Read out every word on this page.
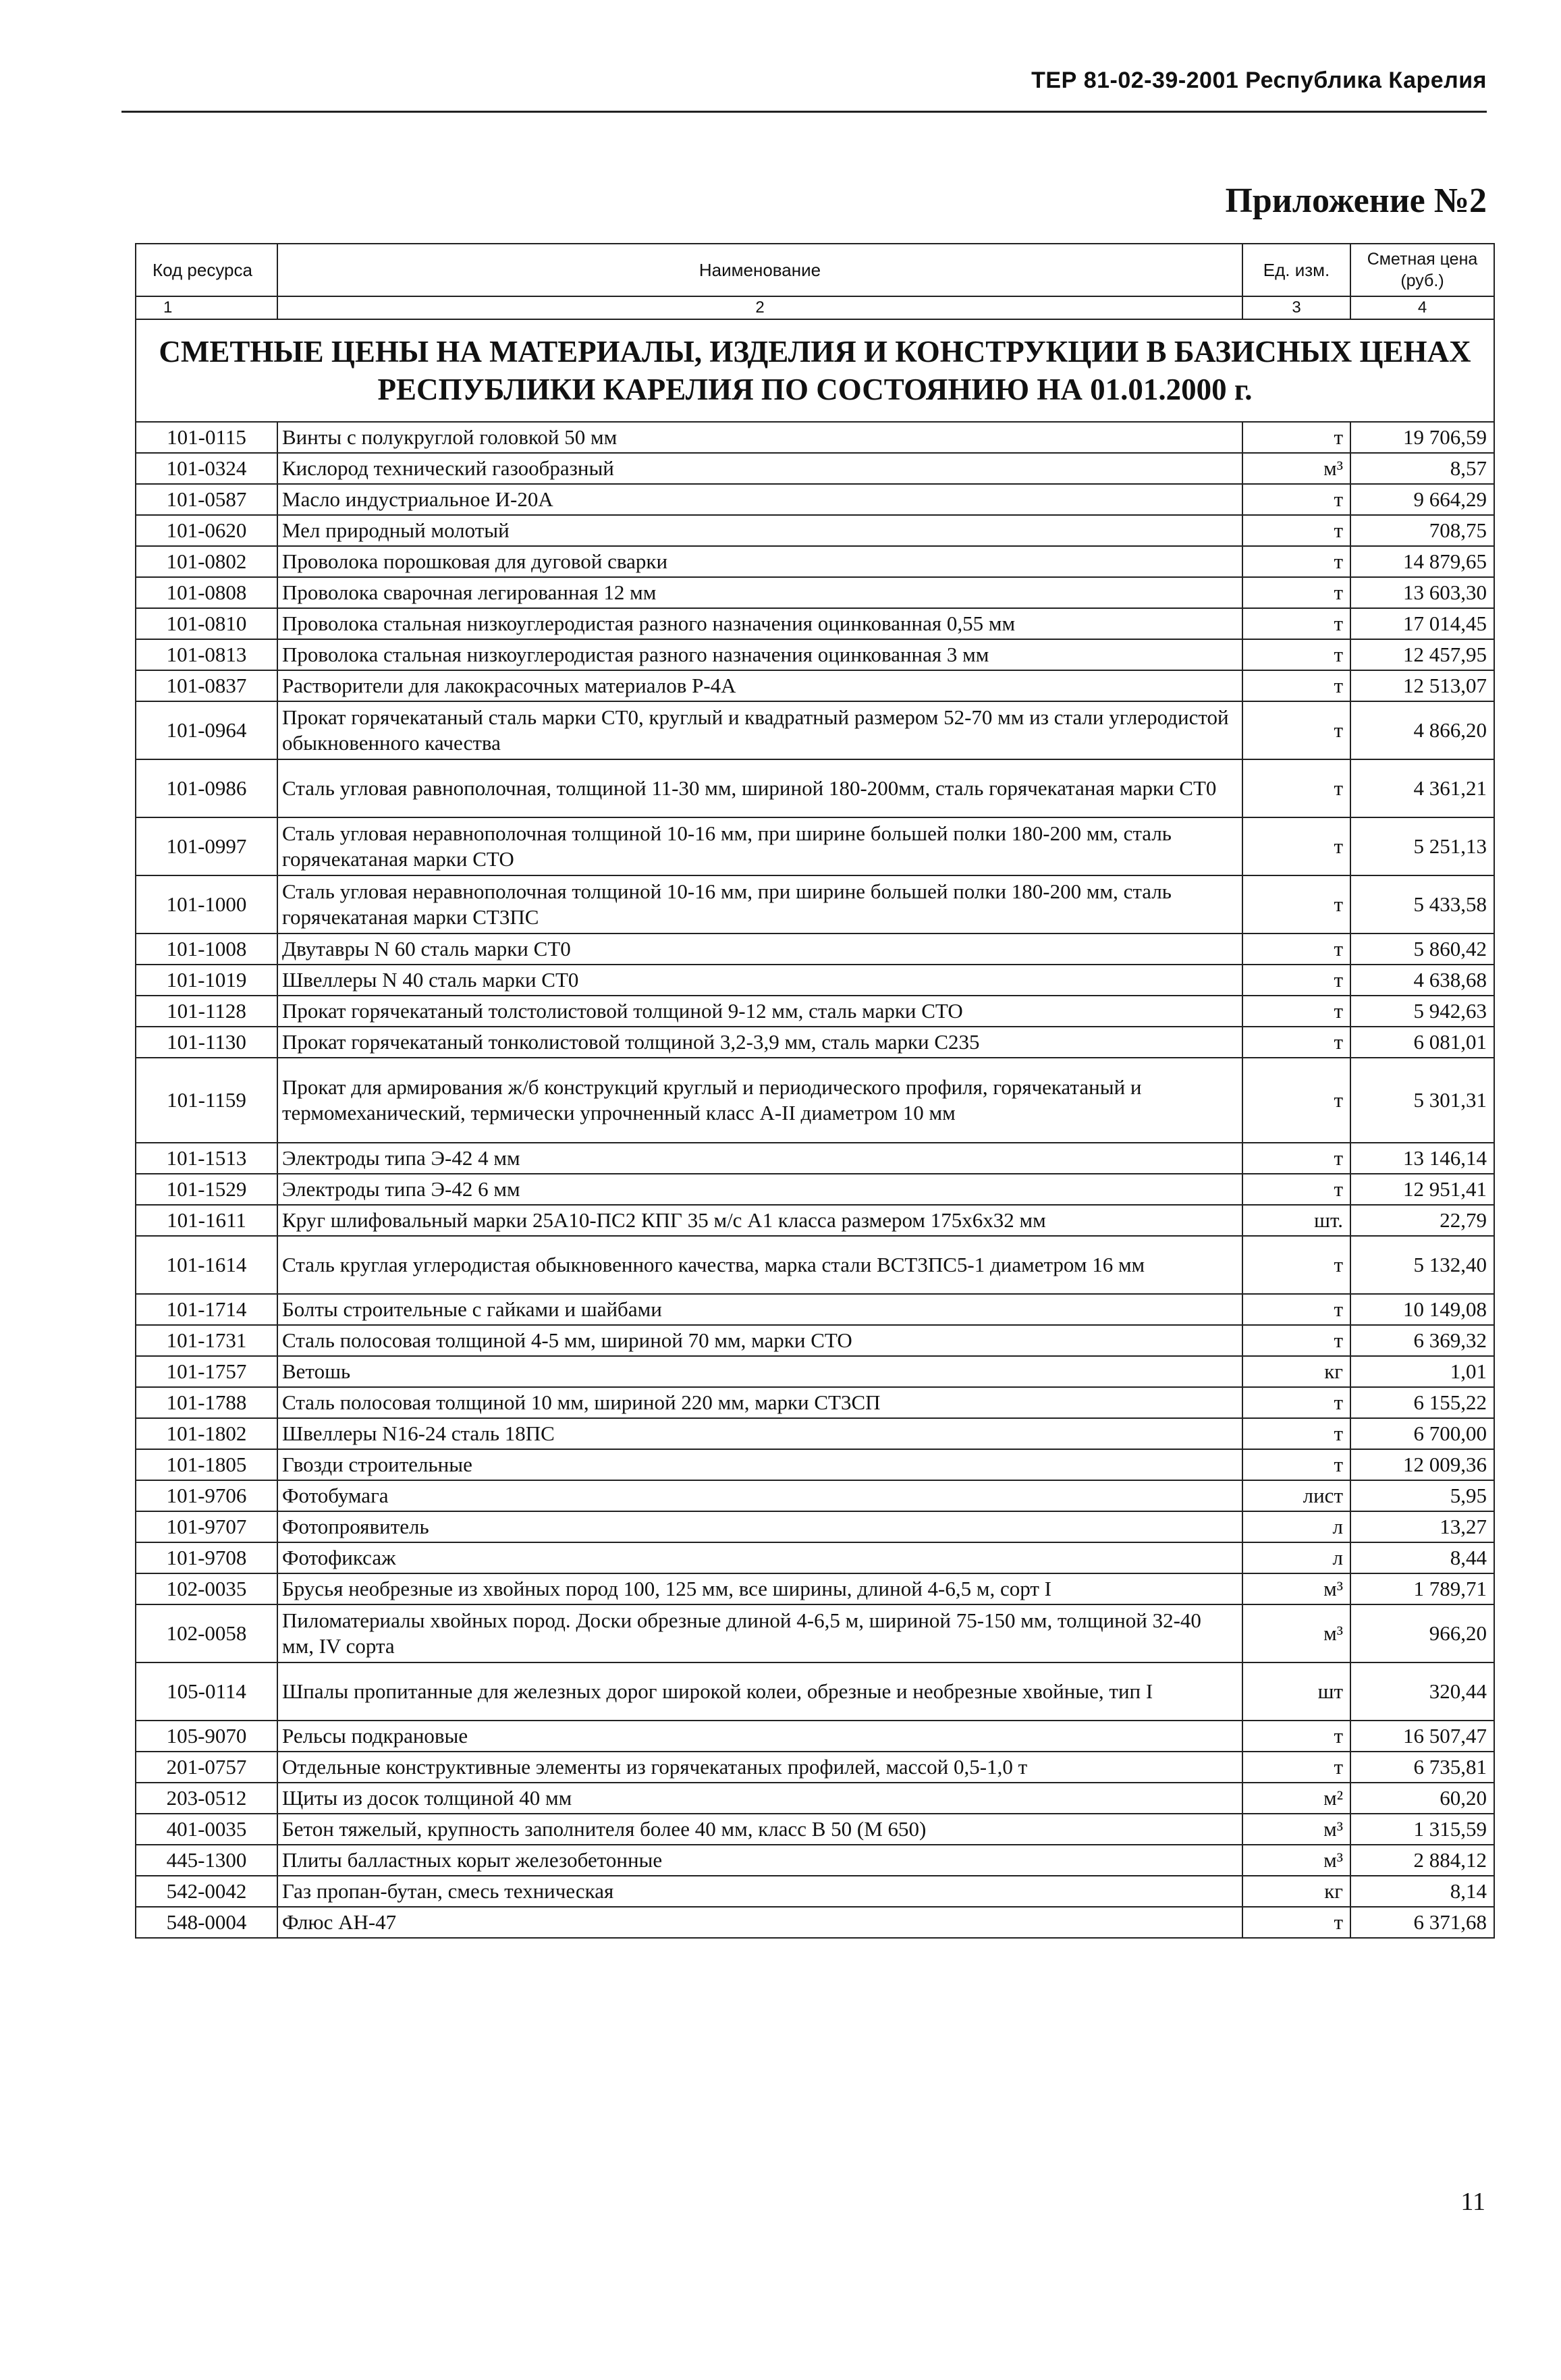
ТЕР 81-02-39-2001 Республика Карелия
Приложение №2
Код ресурса	Наименование	Ед. изм.	Сметная цена (руб.)
1	2	3	4
СМЕТНЫЕ ЦЕНЫ НА МАТЕРИАЛЫ, ИЗДЕЛИЯ И КОНСТРУКЦИИ В БАЗИСНЫХ ЦЕНАХ РЕСПУБЛИКИ КАРЕЛИЯ ПО СОСТОЯНИЮ НА 01.01.2000 г.			
101-0115	Винты с полукруглой головкой 50 мм	т	19 706,59
101-0324	Кислород технический газообразный	м³	8,57
101-0587	Масло индустриальное И-20А	т	9 664,29
101-0620	Мел природный молотый	т	708,75
101-0802	Проволока порошковая для дуговой сварки	т	14 879,65
101-0808	Проволока сварочная легированная 12 мм	т	13 603,30
101-0810	Проволока стальная низкоуглеродистая разного назначения оцинкованная 0,55 мм	т	17 014,45
101-0813	Проволока стальная низкоуглеродистая разного назначения оцинкованная 3 мм	т	12 457,95
101-0837	Растворители для лакокрасочных материалов Р-4А	т	12 513,07
101-0964	Прокат горячекатаный сталь марки СТ0, круглый и квадратный размером 52-70 мм из стали углеродистой обыкновенного качества	т	4 866,20
101-0986	Сталь угловая равнополочная, толщиной 11-30 мм, шириной 180-200мм, сталь горячекатаная марки СТ0	т	4 361,21
101-0997	Сталь угловая неравнополочная толщиной 10-16 мм, при ширине большей полки 180-200 мм, сталь горячекатаная марки СТО	т	5 251,13
101-1000	Сталь угловая неравнополочная толщиной 10-16 мм, при ширине большей полки 180-200 мм, сталь горячекатаная марки СТ3ПС	т	5 433,58
101-1008	Двутавры N 60 сталь марки СТ0	т	5 860,42
101-1019	Швеллеры N 40 сталь марки СТ0	т	4 638,68
101-1128	Прокат горячекатаный толстолистовой толщиной 9-12 мм, сталь марки СТО	т	5 942,63
101-1130	Прокат горячекатаный тонколистовой толщиной 3,2-3,9 мм, сталь марки С235	т	6 081,01
101-1159	Прокат для армирования ж/б конструкций круглый и периодического профиля, горячекатаный и термомеханический, термически упрочненный класс А-II диаметром 10 мм	т	5 301,31
101-1513	Электроды типа Э-42 4 мм	т	13 146,14
101-1529	Электроды типа Э-42 6 мм	т	12 951,41
101-1611	Круг шлифовальный марки 25А10-ПС2 КПГ 35 м/с А1 класса размером 175х6х32 мм	шт.	22,79
101-1614	Сталь круглая углеродистая обыкновенного качества, марка стали ВСТ3ПС5-1 диаметром 16 мм	т	5 132,40
101-1714	Болты строительные с гайками и шайбами	т	10 149,08
101-1731	Сталь полосовая толщиной 4-5 мм, шириной 70 мм, марки СТО	т	6 369,32
101-1757	Ветошь	кг	1,01
101-1788	Сталь полосовая толщиной 10 мм, шириной 220 мм, марки СТ3СП	т	6 155,22
101-1802	Швеллеры N16-24 сталь 18ПС	т	6 700,00
101-1805	Гвозди строительные	т	12 009,36
101-9706	Фотобумага	лист	5,95
101-9707	Фотопроявитель	л	13,27
101-9708	Фотофиксаж	л	8,44
102-0035	Брусья необрезные из хвойных пород 100, 125 мм, все ширины, длиной 4-6,5 м, сорт I	м³	1 789,71
102-0058	Пиломатериалы хвойных пород. Доски обрезные длиной 4-6,5 м, шириной 75-150 мм, толщиной 32-40 мм, IV сорта	м³	966,20
105-0114	Шпалы пропитанные для железных дорог широкой колеи, обрезные и необрезные хвойные, тип I	шт	320,44
105-9070	Рельсы подкрановые	т	16 507,47
201-0757	Отдельные конструктивные элементы из горячекатаных профилей, массой 0,5-1,0 т	т	6 735,81
203-0512	Щиты из досок толщиной 40 мм	м²	60,20
401-0035	Бетон тяжелый, крупность заполнителя более 40 мм, класс В 50 (М 650)	м³	1 315,59
445-1300	Плиты балластных корыт железобетонные	м³	2 884,12
542-0042	Газ пропан-бутан, смесь техническая	кг	8,14
548-0004	Флюс АН-47	т	6 371,68
11
